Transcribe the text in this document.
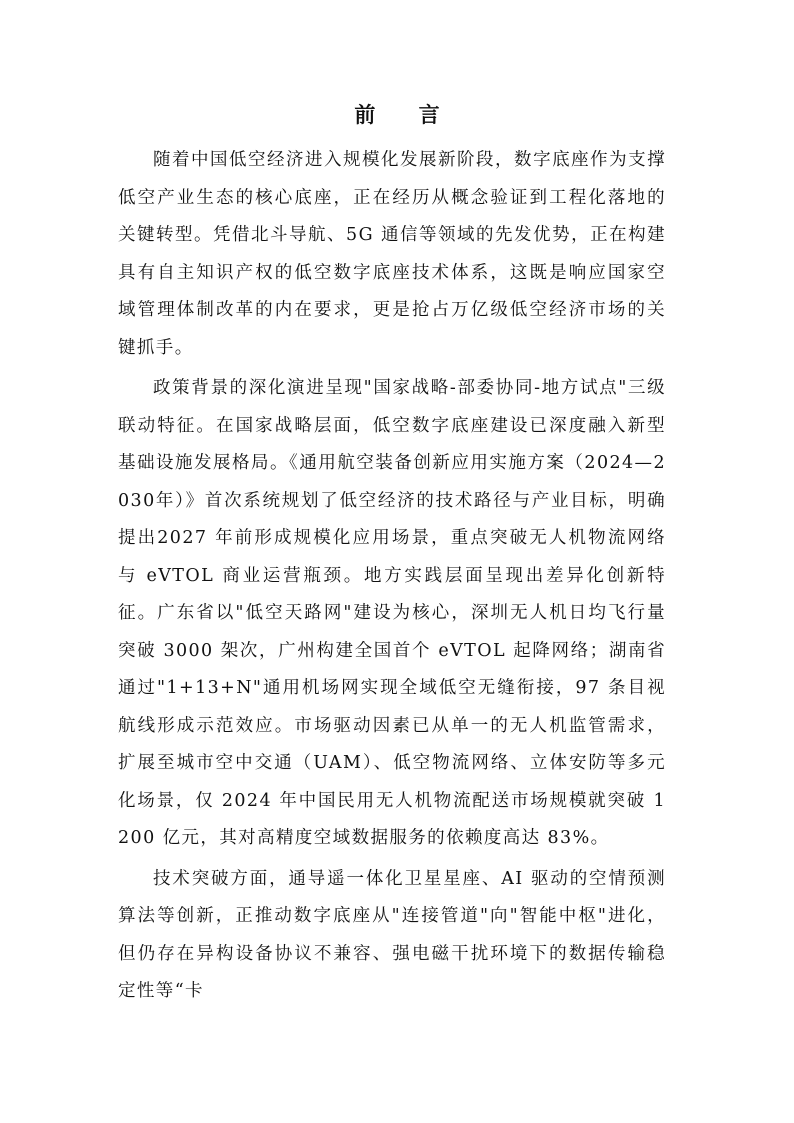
前 言

随着中国低空经济进入规模化发展新阶段，数字底座作为支撑低空产业生态的核心底座，正在经历从概念验证到工程化落地的关键转型。凭借北斗导航、5G 通信等领域的先发优势，正在构建具有自主知识产权的低空数字底座技术体系，这既是响应国家空域管理体制改革的内在要求，更是抢占万亿级低空经济市场的关键抓手。

政策背景的深化演进呈现"国家战略-部委协同-地方试点"三级联动特征。在国家战略层面，低空数字底座建设已深度融入新型基础设施发展格局。《通用航空装备创新应用实施方案（2024—2030年）》首次系统规划了低空经济的技术路径与产业目标，明确提出2027 年前形成规模化应用场景，重点突破无人机物流网络与 eVTOL 商业运营瓶颈。地方实践层面呈现出差异化创新特征。广东省以"低空天路网"建设为核心，深圳无人机日均飞行量突破 3000 架次，广州构建全国首个 eVTOL 起降网络；湖南省通过"1+13+N"通用机场网实现全域低空无缝衔接，97 条目视航线形成示范效应。市场驱动因素已从单一的无人机监管需求，扩展至城市空中交通（UAM）、低空物流网络、立体安防等多元化场景，仅 2024 年中国民用无人机物流配送市场规模就突破 1200 亿元，其对高精度空域数据服务的依赖度高达 83%。

技术突破方面，通导遥一体化卫星星座、AI 驱动的空情预测算法等创新，正推动数字底座从"连接管道"向"智能中枢"进化，但仍存在异构设备协议不兼容、强电磁干扰环境下的数据传输稳定性等“卡
